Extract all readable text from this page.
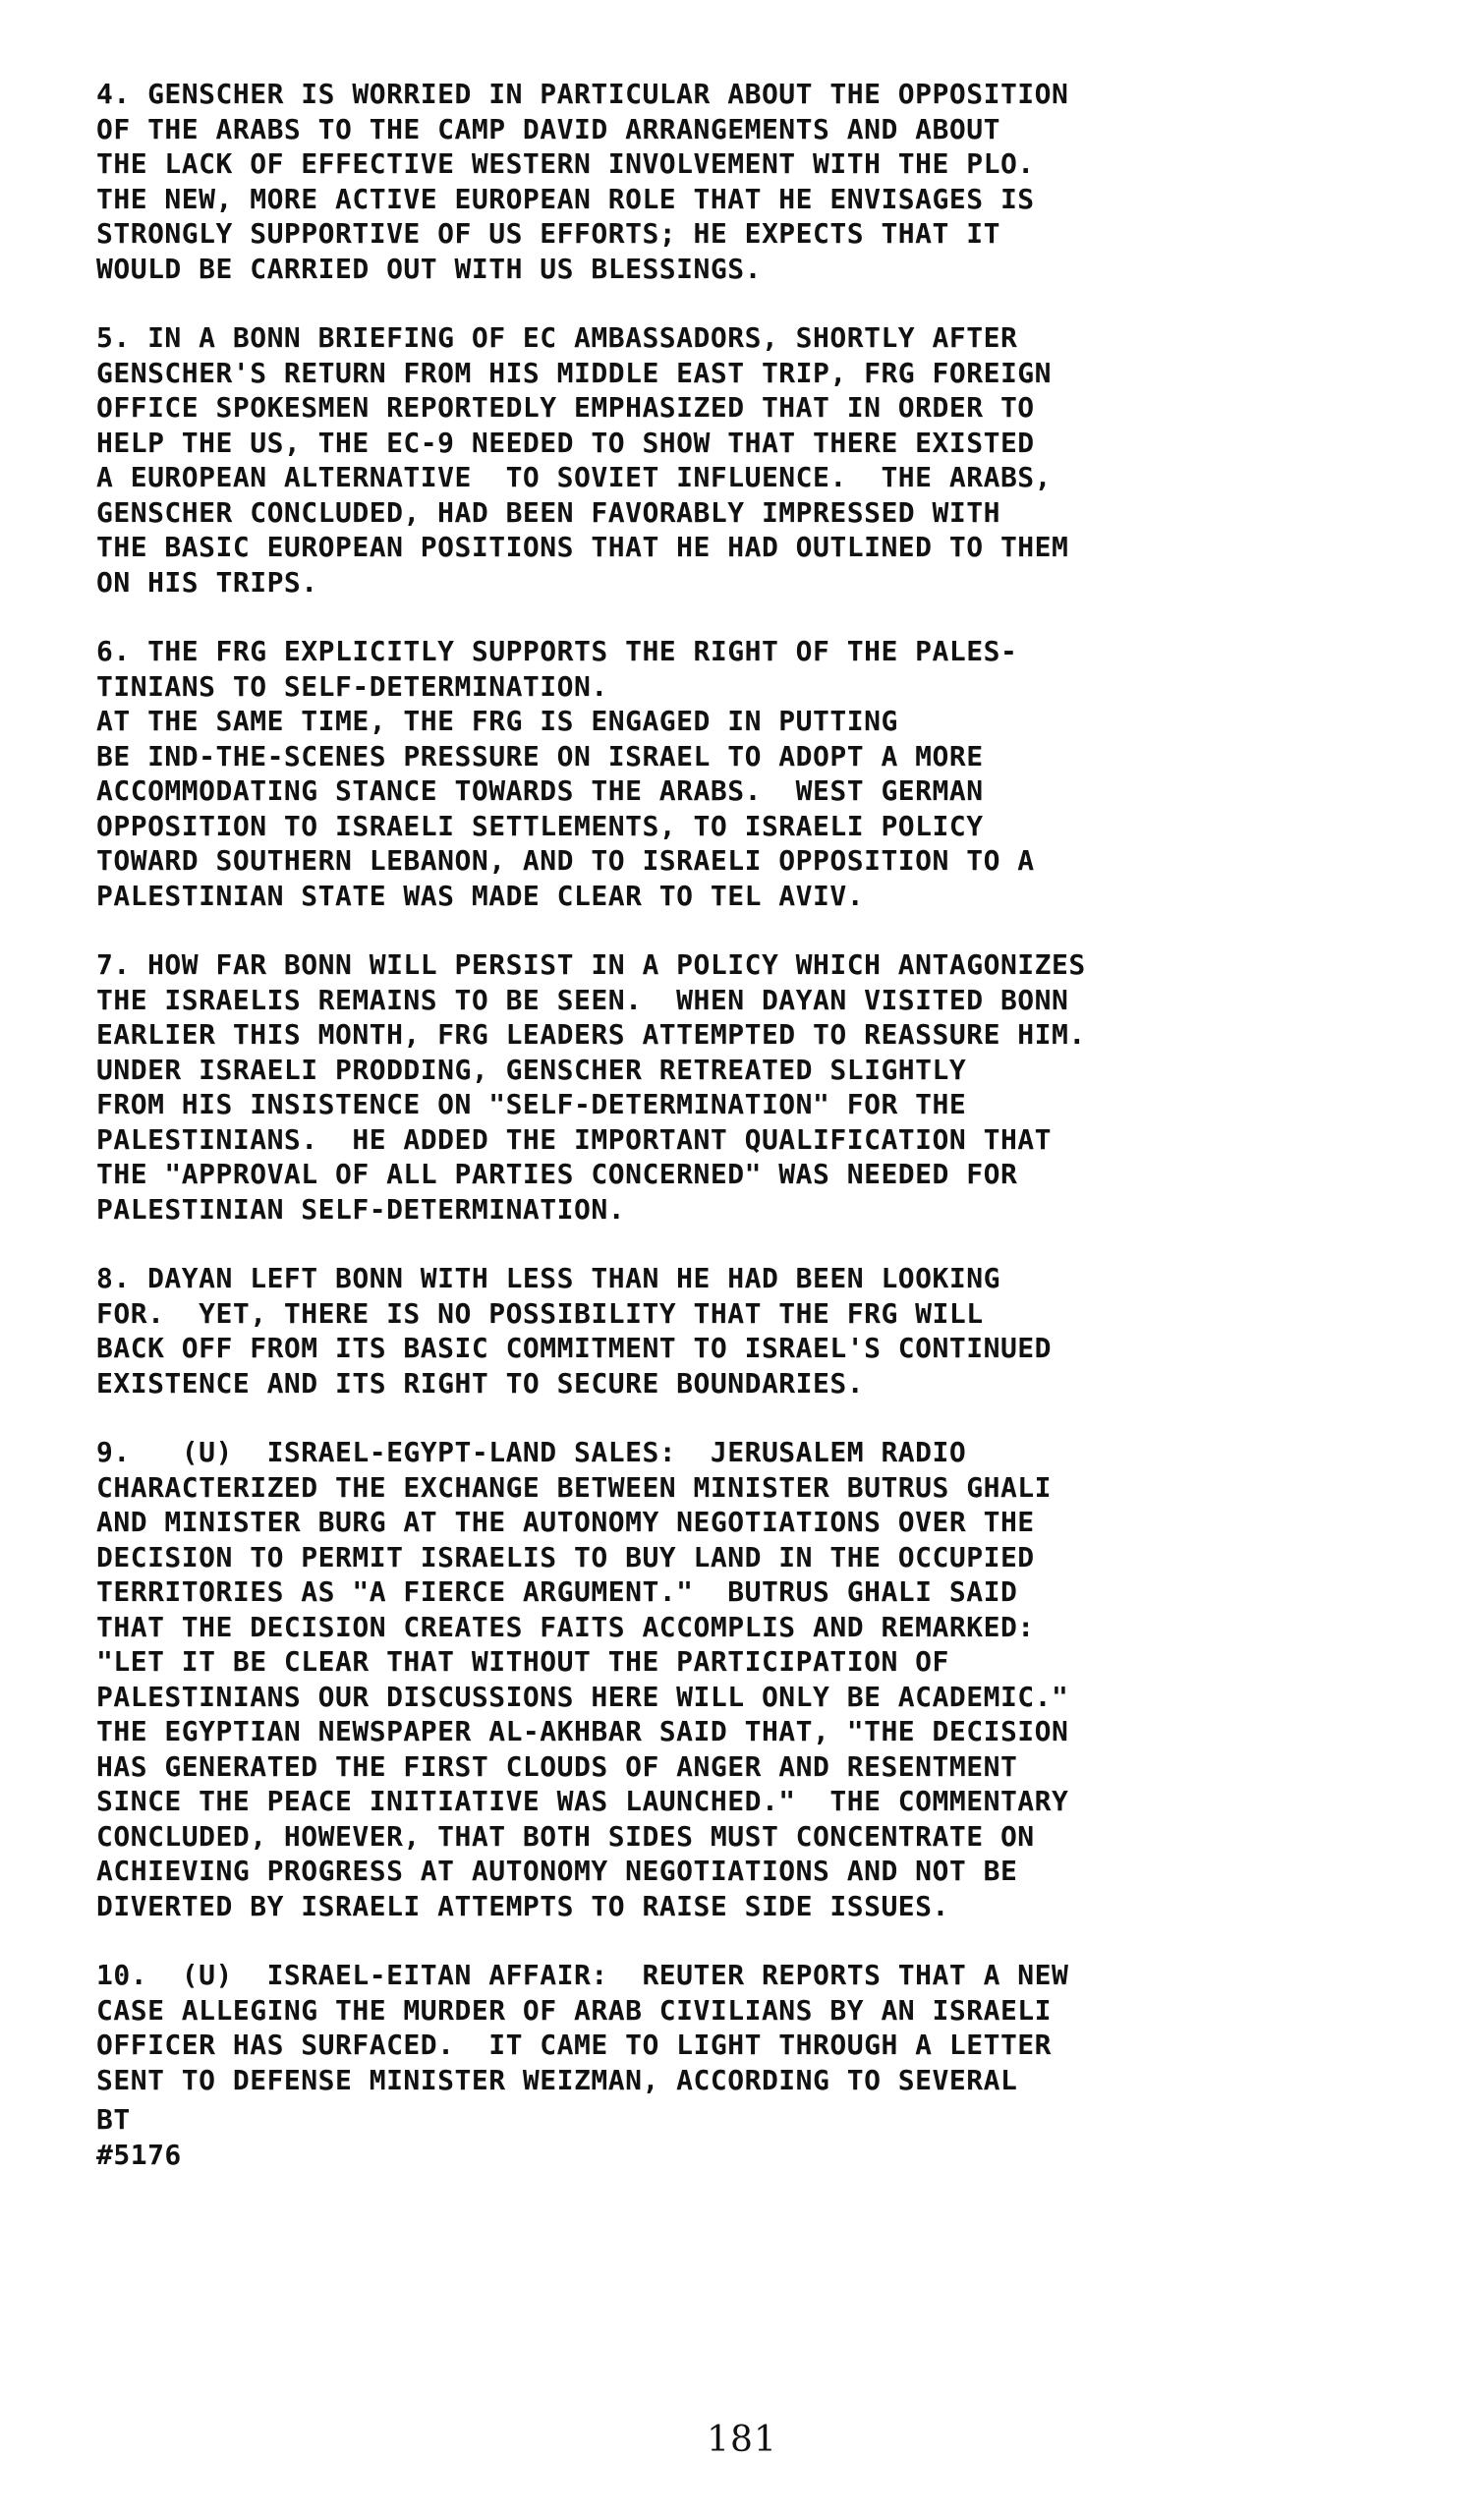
4. GENSCHER IS WORRIED IN PARTICULAR ABOUT THE OPPOSITION
OF THE ARABS TO THE CAMP DAVID ARRANGEMENTS AND ABOUT
THE LACK OF EFFECTIVE WESTERN INVOLVEMENT WITH THE PLO.
THE NEW, MORE ACTIVE EUROPEAN ROLE THAT HE ENVISAGES IS
STRONGLY SUPPORTIVE OF US EFFORTS; HE EXPECTS THAT IT
WOULD BE CARRIED OUT WITH US BLESSINGS.
5. IN A BONN BRIEFING OF EC AMBASSADORS, SHORTLY AFTER
GENSCHER'S RETURN FROM HIS MIDDLE EAST TRIP, FRG FOREIGN
OFFICE SPOKESMEN REPORTEDLY EMPHASIZED THAT IN ORDER TO
HELP THE US, THE EC-9 NEEDED TO SHOW THAT THERE EXISTED
A EUROPEAN ALTERNATIVE  TO SOVIET INFLUENCE.  THE ARABS,
GENSCHER CONCLUDED, HAD BEEN FAVORABLY IMPRESSED WITH
THE BASIC EUROPEAN POSITIONS THAT HE HAD OUTLINED TO THEM
ON HIS TRIPS.
6. THE FRG EXPLICITLY SUPPORTS THE RIGHT OF THE PALES-
TINIANS TO SELF-DETERMINATION.
AT THE SAME TIME, THE FRG IS ENGAGED IN PUTTING
BE IND-THE-SCENES PRESSURE ON ISRAEL TO ADOPT A MORE
ACCOMMODATING STANCE TOWARDS THE ARABS.  WEST GERMAN
OPPOSITION TO ISRAELI SETTLEMENTS, TO ISRAELI POLICY
TOWARD SOUTHERN LEBANON, AND TO ISRAELI OPPOSITION TO A
PALESTINIAN STATE WAS MADE CLEAR TO TEL AVIV.
7. HOW FAR BONN WILL PERSIST IN A POLICY WHICH ANTAGONIZES
THE ISRAELIS REMAINS TO BE SEEN.  WHEN DAYAN VISITED BONN
EARLIER THIS MONTH, FRG LEADERS ATTEMPTED TO REASSURE HIM.
UNDER ISRAELI PRODDING, GENSCHER RETREATED SLIGHTLY
FROM HIS INSISTENCE ON "SELF-DETERMINATION" FOR THE
PALESTINIANS.  HE ADDED THE IMPORTANT QUALIFICATION THAT
THE "APPROVAL OF ALL PARTIES CONCERNED" WAS NEEDED FOR
PALESTINIAN SELF-DETERMINATION.
8. DAYAN LEFT BONN WITH LESS THAN HE HAD BEEN LOOKING
FOR.  YET, THERE IS NO POSSIBILITY THAT THE FRG WILL
BACK OFF FROM ITS BASIC COMMITMENT TO ISRAEL'S CONTINUED
EXISTENCE AND ITS RIGHT TO SECURE BOUNDARIES.
9.   (U)  ISRAEL-EGYPT-LAND SALES:  JERUSALEM RADIO
CHARACTERIZED THE EXCHANGE BETWEEN MINISTER BUTRUS GHALI
AND MINISTER BURG AT THE AUTONOMY NEGOTIATIONS OVER THE
DECISION TO PERMIT ISRAELIS TO BUY LAND IN THE OCCUPIED
TERRITORIES AS "A FIERCE ARGUMENT."  BUTRUS GHALI SAID
THAT THE DECISION CREATES FAITS ACCOMPLIS AND REMARKED:
"LET IT BE CLEAR THAT WITHOUT THE PARTICIPATION OF
PALESTINIANS OUR DISCUSSIONS HERE WILL ONLY BE ACADEMIC."
THE EGYPTIAN NEWSPAPER AL-AKHBAR SAID THAT, "THE DECISION
HAS GENERATED THE FIRST CLOUDS OF ANGER AND RESENTMENT
SINCE THE PEACE INITIATIVE WAS LAUNCHED."  THE COMMENTARY
CONCLUDED, HOWEVER, THAT BOTH SIDES MUST CONCENTRATE ON
ACHIEVING PROGRESS AT AUTONOMY NEGOTIATIONS AND NOT BE
DIVERTED BY ISRAELI ATTEMPTS TO RAISE SIDE ISSUES.
10.  (U)  ISRAEL-EITAN AFFAIR:  REUTER REPORTS THAT A NEW
CASE ALLEGING THE MURDER OF ARAB CIVILIANS BY AN ISRAELI
OFFICER HAS SURFACED.  IT CAME TO LIGHT THROUGH A LETTER
SENT TO DEFENSE MINISTER WEIZMAN, ACCORDING TO SEVERAL
BT
#5176
181
